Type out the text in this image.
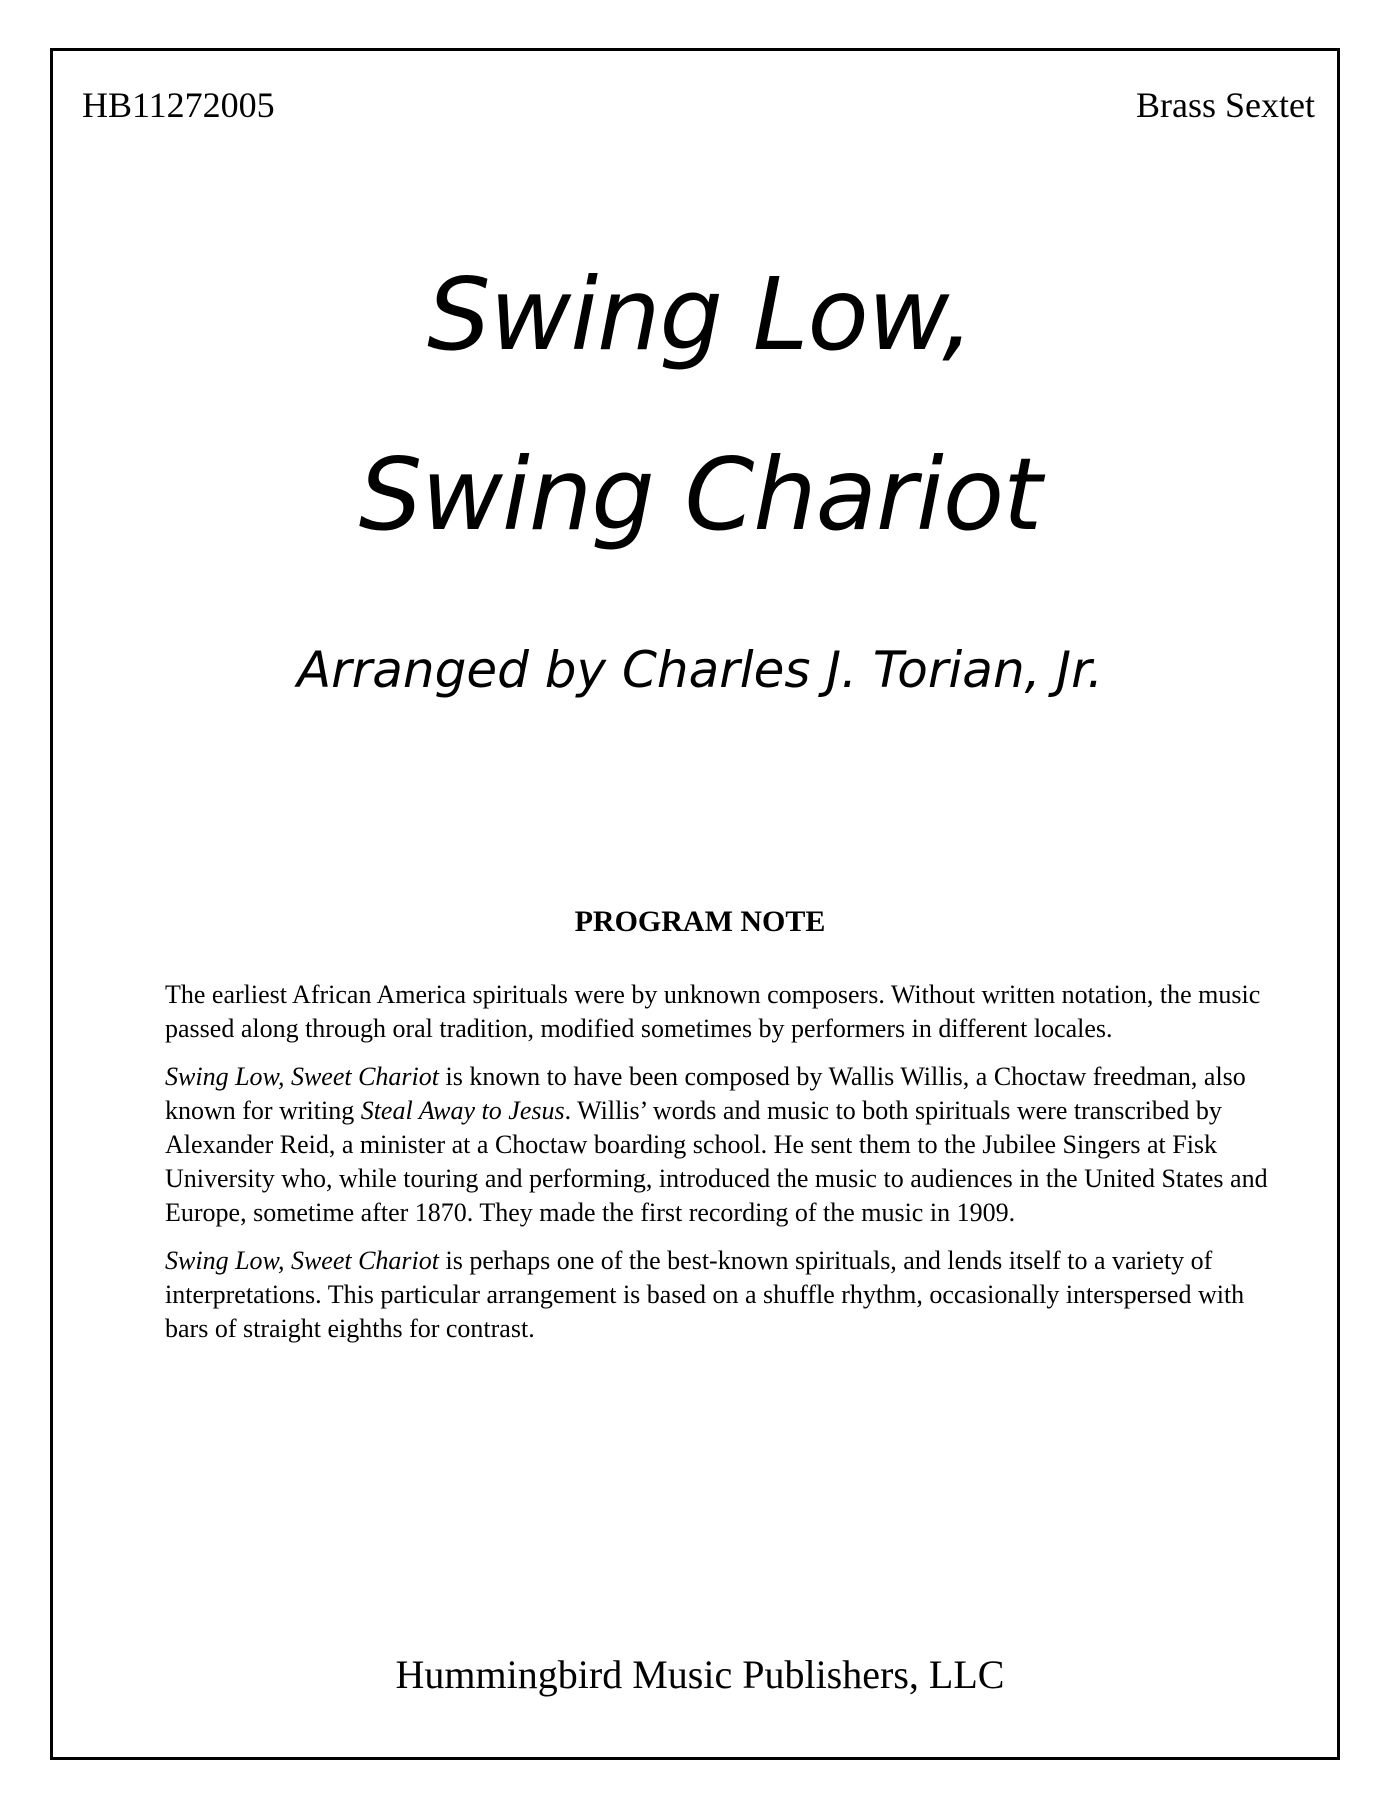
HB11272005	Brass Sextet
Swing Low,
Swing Chariot
Arranged by Charles J. Torian, Jr.
PROGRAM NOTE

The earliest African America spirituals were by unknown composers. Without written notation, the music passed along through oral tradition, modified sometimes by performers in different locales.

Swing Low, Sweet Chariot is known to have been composed by Wallis Willis, a Choctaw freedman, also known for writing Steal Away to Jesus. Willis’ words and music to both spirituals were transcribed by Alexander Reid, a minister at a Choctaw boarding school. He sent them to the Jubilee Singers at Fisk University who, while touring and performing, introduced the music to audiences in the United States and Europe, sometime after 1870. They made the first recording of the music in 1909.

Swing Low, Sweet Chariot is perhaps one of the best-known spirituals, and lends itself to a variety of interpretations. This particular arrangement is based on a shuffle rhythm, occasionally interspersed with bars of straight eighths for contrast.

Hummingbird Music Publishers, LLC
